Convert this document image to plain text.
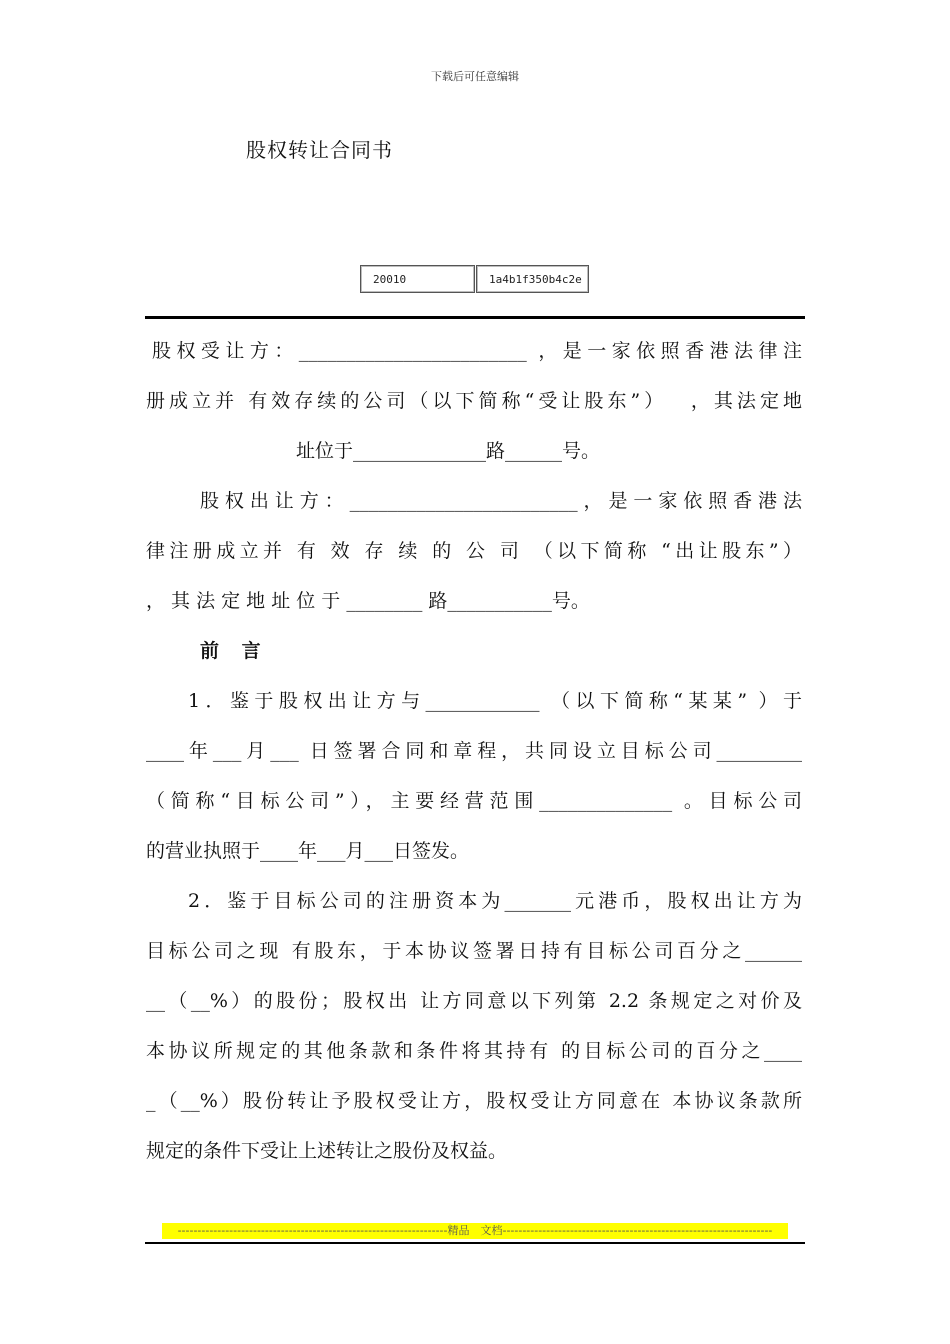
下载后可任意编辑
股权转让合同书
20010	1a4b1f350b4c2e
股权受让方：________________________ ，是一家依照香港法律注
册成立并 有效存续的公司（以下简称“受让股东”）　 ，其法定地
址位于______________路______号。
股权出让方：________________________，是一家依照香港法
律注册成立并 有 效 存 续 的 公 司 （以下简称 “出让股东”）
， 其 法 定 地 址 位 于 ________ 路___________号。
前 言
1．鉴于股权出让方与____________ （以下简称“某某” ）于
____年___月___ 日签署合同和章程，共同设立目标公司_________
（简称“目标公司”），主要经营范围______________ 。目标公司
的营业执照于____年___月___日签发。
2．鉴于目标公司的注册资本为_______元港币，股权出让方为
目标公司之现 有股东，于本协议签署日持有目标公司百分之______
__（__%）的股份；股权出 让方同意以下列第 2.2 条规定之对价及
本协议所规定的其他条款和条件将其持有 的目标公司的百分之____
_（__%）股份转让予股权受让方，股权受让方同意在 本协议条款所
规定的条件下受让上述转让之股份及权益。
--------------------------------------------------------------------精品　文档--------------------------------------------------------------------
